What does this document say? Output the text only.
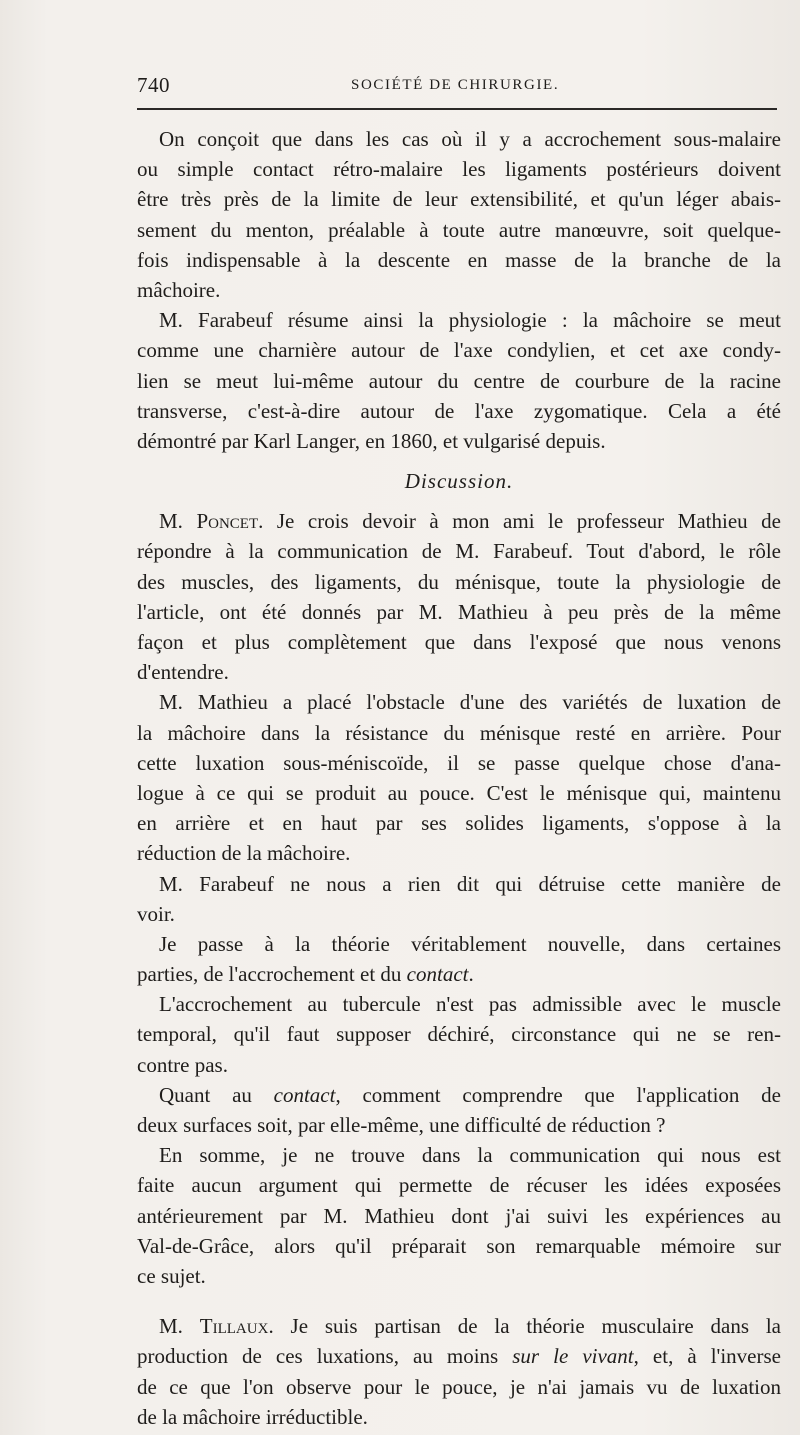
740	SOCIÉTÉ DE CHIRURGIE.
On conçoit que dans les cas où il y a accrochement sous-malaire
ou simple contact rétro-malaire les ligaments postérieurs doivent
être très près de la limite de leur extensibilité, et qu'un léger abais-
sement du menton, préalable à toute autre manœuvre, soit quelque-
fois indispensable à la descente en masse de la branche de la
mâchoire.
M. Farabeuf résume ainsi la physiologie : la mâchoire se meut
comme une charnière autour de l'axe condylien, et cet axe condy-
lien se meut lui-même autour du centre de courbure de la racine
transverse, c'est-à-dire autour de l'axe zygomatique. Cela a été
démontré par Karl Langer, en 1860, et vulgarisé depuis.
Discussion.
M. Poncet. Je crois devoir à mon ami le professeur Mathieu de
répondre à la communication de M. Farabeuf. Tout d'abord, le rôle
des muscles, des ligaments, du ménisque, toute la physiologie de
l'article, ont été donnés par M. Mathieu à peu près de la même
façon et plus complètement que dans l'exposé que nous venons
d'entendre.
M. Mathieu a placé l'obstacle d'une des variétés de luxation de
la mâchoire dans la résistance du ménisque resté en arrière. Pour
cette luxation sous-méniscoïde, il se passe quelque chose d'ana-
logue à ce qui se produit au pouce. C'est le ménisque qui, maintenu
en arrière et en haut par ses solides ligaments, s'oppose à la
réduction de la mâchoire.
M. Farabeuf ne nous a rien dit qui détruise cette manière de
voir.
Je passe à la théorie véritablement nouvelle, dans certaines
parties, de l'accrochement et du contact.
L'accrochement au tubercule n'est pas admissible avec le muscle
temporal, qu'il faut supposer déchiré, circonstance qui ne se ren-
contre pas.
Quant au contact, comment comprendre que l'application de
deux surfaces soit, par elle-même, une difficulté de réduction ?
En somme, je ne trouve dans la communication qui nous est
faite aucun argument qui permette de récuser les idées exposées
antérieurement par M. Mathieu dont j'ai suivi les expériences au
Val-de-Grâce, alors qu'il préparait son remarquable mémoire sur
ce sujet.
M. Tillaux. Je suis partisan de la théorie musculaire dans la
production de ces luxations, au moins sur le vivant, et, à l'inverse
de ce que l'on observe pour le pouce, je n'ai jamais vu de luxation
de la mâchoire irréductible.
